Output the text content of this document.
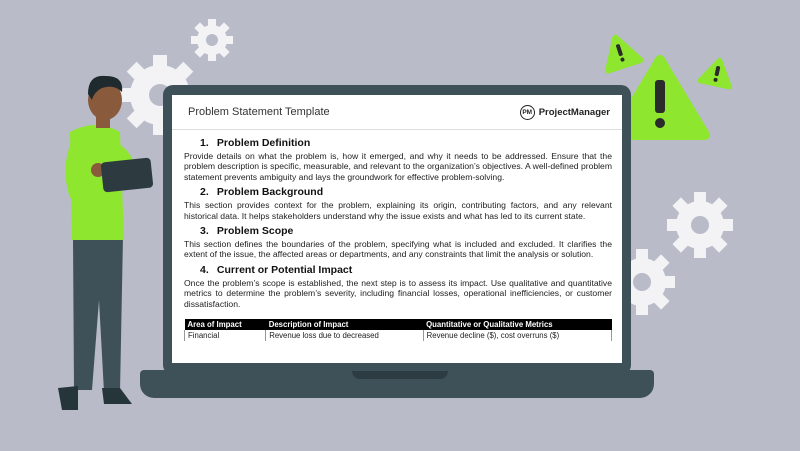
Problem Statement Template	PM ProjectManager
1. Problem Definition

Provide details on what the problem is, how it emerged, and why it needs to be addressed. Ensure that the problem description is specific, measurable, and relevant to the organization’s objectives. A well-defined problem statement prevents ambiguity and lays the groundwork for effective problem-solving.

2. Problem Background

This section provides context for the problem, explaining its origin, contributing factors, and any relevant historical data. It helps stakeholders understand why the issue exists and what has led to its current state.

3. Problem Scope

This section defines the boundaries of the problem, specifying what is included and excluded. It clarifies the extent of the issue, the affected areas or departments, and any constraints that limit the analysis or solution.

4. Current or Potential Impact

Once the problem’s scope is established, the next step is to assess its impact. Use qualitative and quantitative metrics to determine the problem’s severity, including financial losses, operational inefficiencies, or customer dissatisfaction.

Area of Impact	Description of Impact	Quantitative or Qualitative Metrics
Financial	Revenue loss due to decreased	Revenue decline ($), cost overruns ($)
